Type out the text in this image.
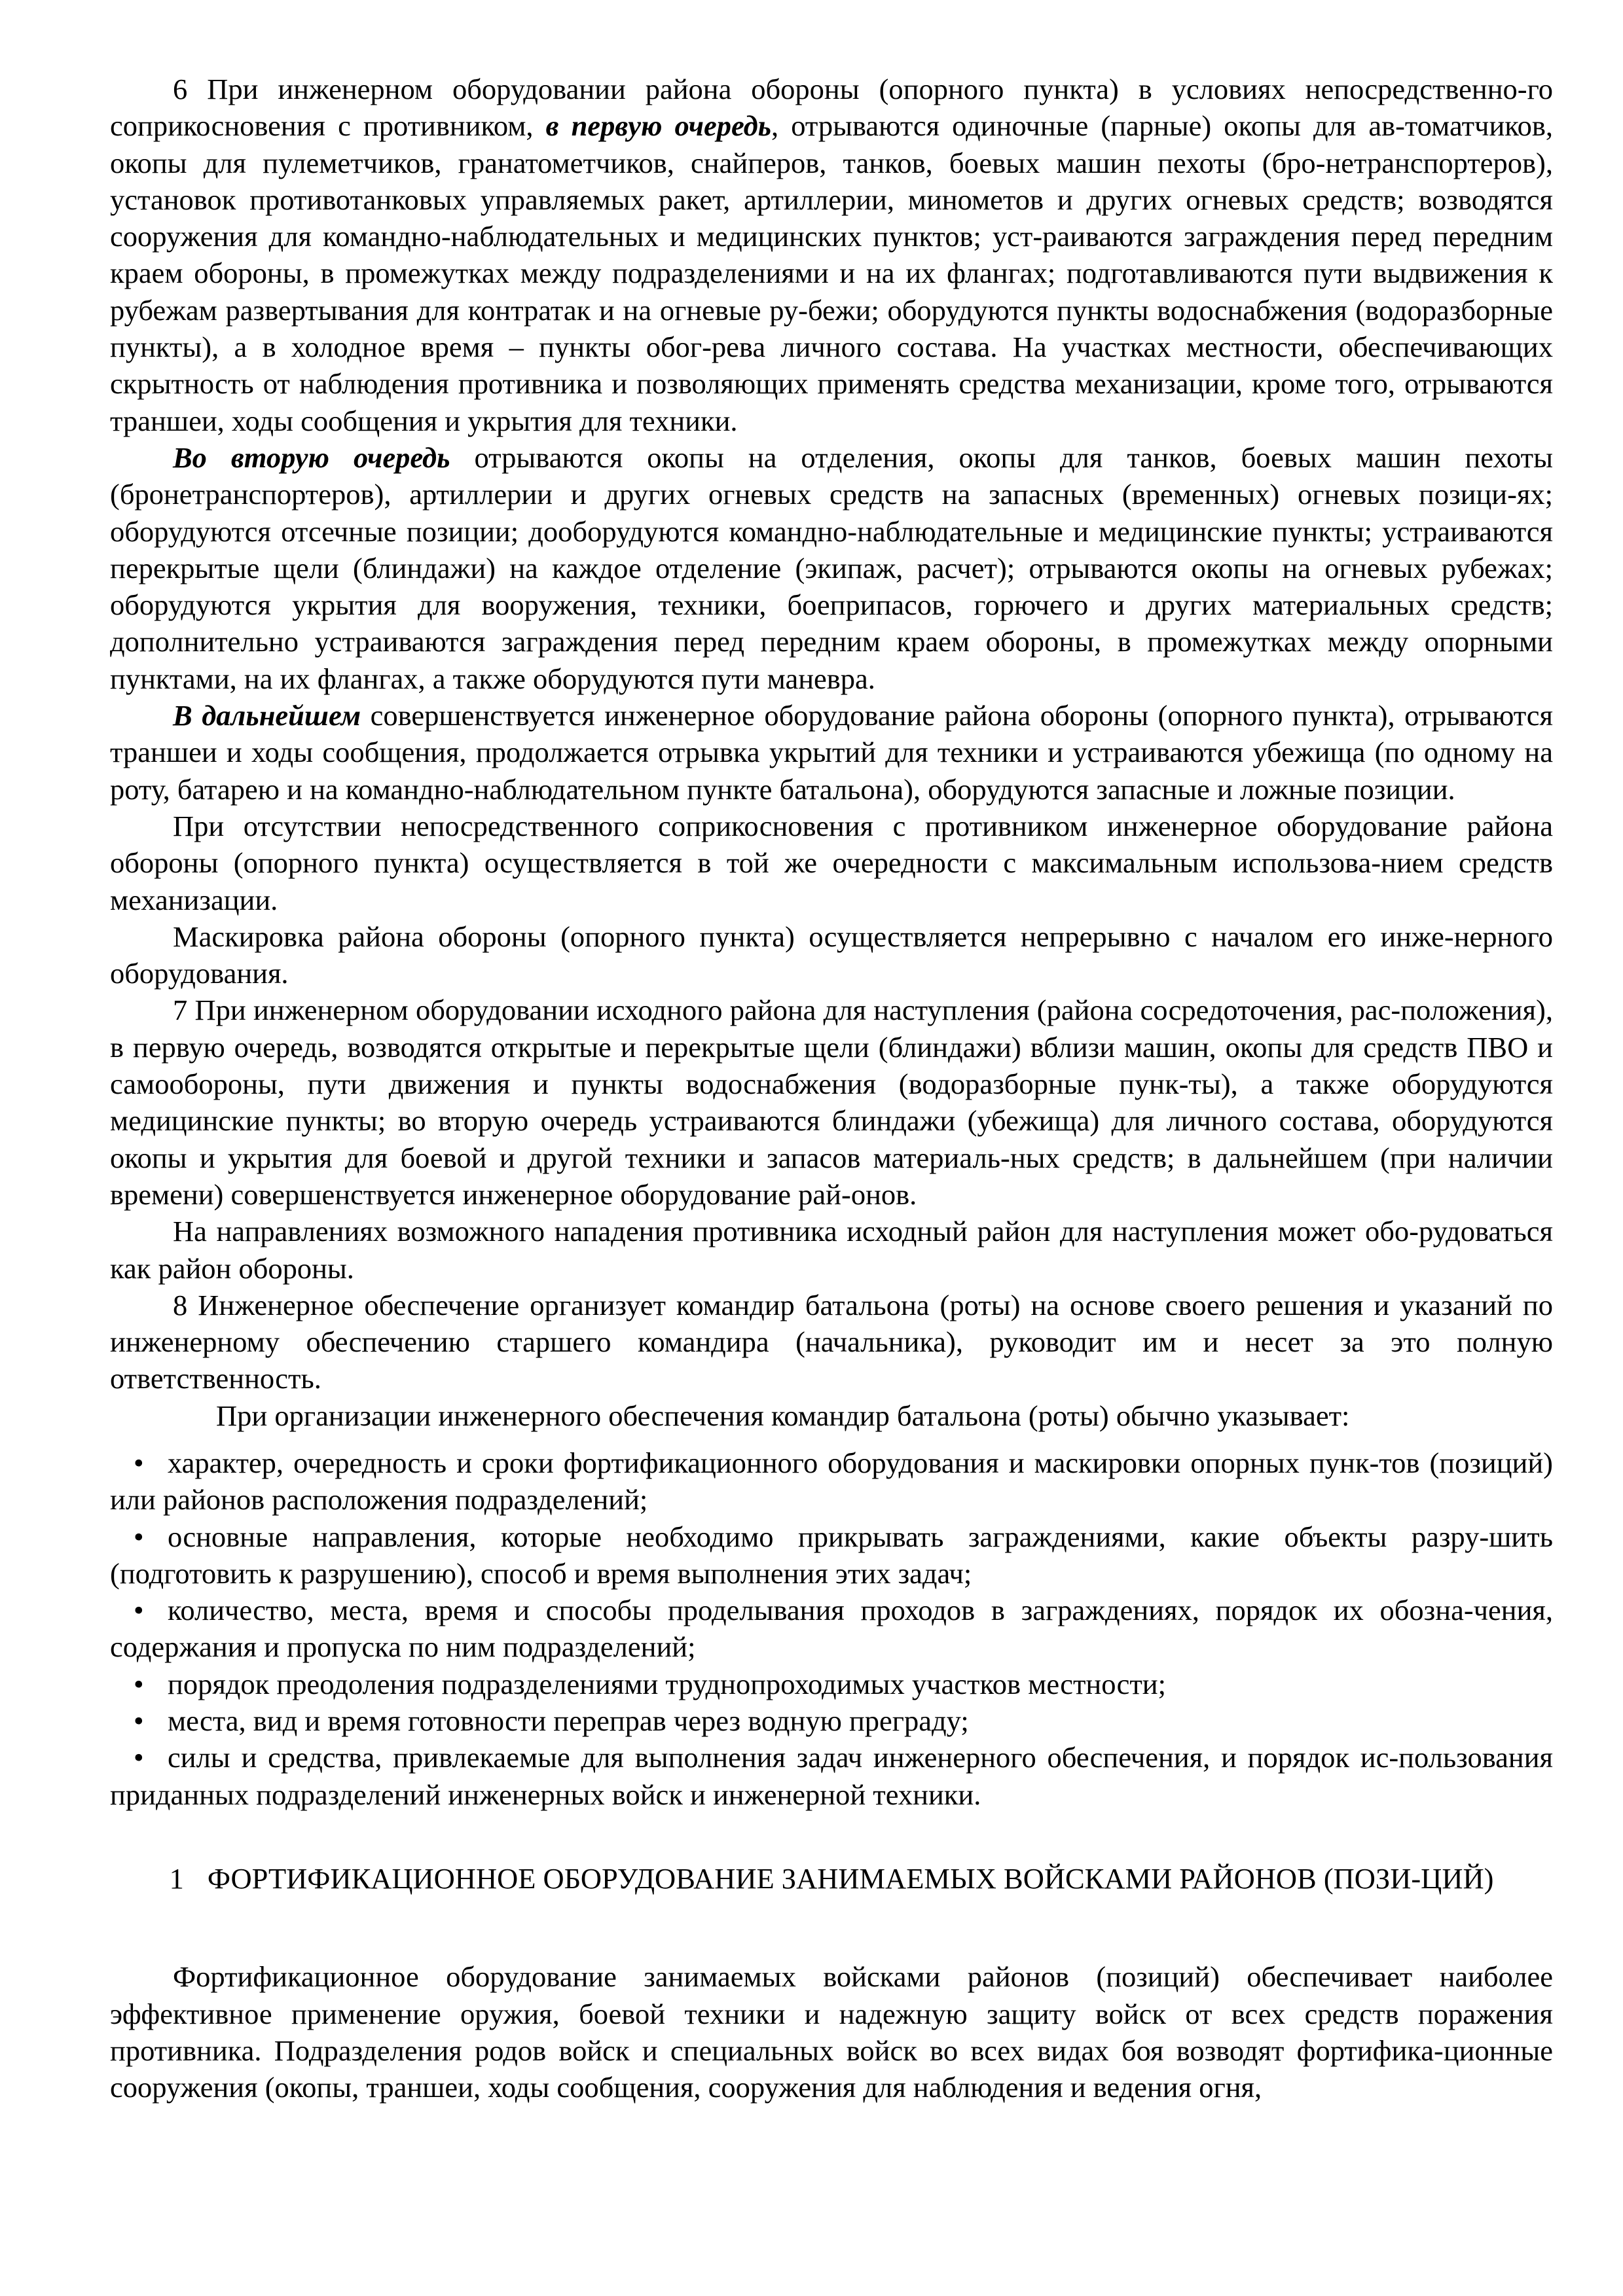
6 При инженерном оборудовании района обороны (опорного пункта) в условиях непосредственно-го соприкосновения с противником, в первую очередь, отрываются одиночные (парные) окопы для ав-томатчиков, окопы для пулеметчиков, гранатометчиков, снайперов, танков, боевых машин пехоты (бро-нетранспортеров), установок противотанковых управляемых ракет, артиллерии, минометов и других огневых средств; возводятся сооружения для командно-наблюдательных и медицинских пунктов; уст-раиваются заграждения перед передним краем обороны, в промежутках между подразделениями и на их флангах; подготавливаются пути выдвижения к рубежам развертывания для контратак и на огневые ру-бежи; оборудуются пункты водоснабжения (водоразборные пункты), а в холодное время – пункты обог-рева личного состава. На участках местности, обеспечивающих скрытность от наблюдения противника и позволяющих применять средства механизации, кроме того, отрываются траншеи, ходы сообщения и укрытия для техники.

Во вторую очередь отрываются окопы на отделения, окопы для танков, боевых машин пехоты (бронетранспортеров), артиллерии и других огневых средств на запасных (временных) огневых позици-ях; оборудуются отсечные позиции; дооборудуются командно-наблюдательные и медицинские пункты; устраиваются перекрытые щели (блиндажи) на каждое отделение (экипаж, расчет); отрываются окопы на огневых рубежах; оборудуются укрытия для вооружения, техники, боеприпасов, горючего и других материальных средств; дополнительно устраиваются заграждения перед передним краем обороны, в промежутках между опорными пунктами, на их флангах, а также оборудуются пути маневра.

В дальнейшем совершенствуется инженерное оборудование района обороны (опорного пункта), отрываются траншеи и ходы сообщения, продолжается отрывка укрытий для техники и устраиваются убежища (по одному на роту, батарею и на командно-наблюдательном пункте батальона), оборудуются запасные и ложные позиции.

При отсутствии непосредственного соприкосновения с противником инженерное оборудование района обороны (опорного пункта) осуществляется в той же очередности с максимальным использова-нием средств механизации.

Маскировка района обороны (опорного пункта) осуществляется непрерывно с началом его инже-нерного оборудования.

7 При инженерном оборудовании исходного района для наступления (района сосредоточения, рас-положения), в первую очередь, возводятся открытые и перекрытые щели (блиндажи) вблизи машин, окопы для средств ПВО и самообороны, пути движения и пункты водоснабжения (водоразборные пунк-ты), а также оборудуются медицинские пункты; во вторую очередь устраиваются блиндажи (убежища) для личного состава, оборудуются окопы и укрытия для боевой и другой техники и запасов материаль-ных средств; в дальнейшем (при наличии времени) совершенствуется инженерное оборудование рай-онов.

На направлениях возможного нападения противника исходный район для наступления может обо-рудоваться как район обороны.

8 Инженерное обеспечение организует командир батальона (роты) на основе своего решения и указаний по инженерному обеспечению старшего командира (начальника), руководит им и несет за это полную ответственность.

При организации инженерного обеспечения командир батальона (роты) обычно указывает:

• характер, очередность и сроки фортификационного оборудования и маскировки опорных пунк-тов (позиций) или районов расположения подразделений;
• основные направления, которые необходимо прикрывать заграждениями, какие объекты разру-шить (подготовить к разрушению), способ и время выполнения этих задач;
• количество, места, время и способы проделывания проходов в заграждениях, порядок их обозна-чения, содержания и пропуска по ним подразделений;
• порядок преодоления подразделениями труднопроходимых участков местности;
• места, вид и время готовности переправ через водную преграду;
• силы и средства, привлекаемые для выполнения задач инженерного обеспечения, и порядок ис-пользования приданных подразделений инженерных войск и инженерной техники.
1 ФОРТИФИКАЦИОННОЕ ОБОРУДОВАНИЕ ЗАНИМАЕМЫХ ВОЙСКАМИ РАЙОНОВ (ПОЗИ-ЦИЙ)

Фортификационное оборудование занимаемых войсками районов (позиций) обеспечивает наиболее эффективное применение оружия, боевой техники и надежную защиту войск от всех средств поражения противника. Подразделения родов войск и специальных войск во всех видах боя возводят фортифика-ционные сооружения (окопы, траншеи, ходы сообщения, сооружения для наблюдения и ведения огня,
